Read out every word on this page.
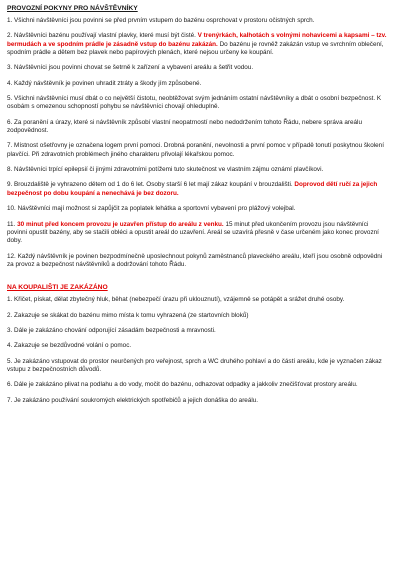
PROVOZNÍ POKYNY PRO NÁVŠTĚVNÍKY

1. Všichni návštěvníci jsou povinni se před prvním vstupem do bazénu osprchovat v prostoru očistných sprch.

2. Návštěvníci bazénu používají vlastní plavky, které musí být čisté. V trenýrkách, kalhotách s volnými nohavicemi a kapsami – tzv. bermudách a ve spodním prádle je zásadně vstup do bazénu zakázán. Do bazénu je rovněž zakázán vstup ve svrchním oblečení, spodním prádle a dětem bez plavek nebo papírových plenách, které nejsou určeny ke koupání.

3. Návštěvníci jsou povinni chovat se šetrně k zařízení a vybavení areálu a šetřit vodou.

4. Každý návštěvník je povinen uhradit ztráty a škody jím způsobené.

5. Všichni návštěvníci musí dbát o co největší čistotu, neobtěžovat svým jednáním ostatní návštěvníky a dbát o osobní bezpečnost. K osobám s omezenou schopností pohybu se návštěvníci chovají ohleduplně.

6. Za poranění a úrazy, které si návštěvník způsobí vlastní neopatrností nebo nedodržením tohoto Řádu, nebere správa areálu zodpovědnost.

7. Místnost ošetřovny je označena logem první pomoci. Drobná poranění, nevolnosti a první pomoc v případě tonutí poskytnou školení plavčíci. Při zdravotních problémech jiného charakteru přivolají lékařskou pomoc.

8. Návštěvníci trpící epilepsií či jinými zdravotními potížemi tuto skutečnost ve vlastním zájmu oznámí plavčíkovi.

9. Brouzdaliště je vyhrazeno dětem od 1 do 6 let. Osoby starší 6 let mají zákaz koupání v brouzdališti. Doprovod dětí ručí za jejich bezpečnost po dobu koupání a nenechává je bez dozoru.

10. Návštěvníci mají možnost si zapůjčit za poplatek lehátka a sportovní vybavení pro plážový volejbal.

11. 30 minut před koncem provozu je uzavřen přístup do areálu z venku. 15 minut před ukončením provozu jsou návštěvníci povinni opustit bazény, aby se stačili obléci a opustit areál do uzavření. Areál se uzavírá přesně v čase určeném jako konec provozní doby.

12. Každý návštěvník je povinen bezpodmínečně uposlechnout pokynů zaměstnanců plaveckého areálu, kteří jsou osobně odpovědni za provoz a bezpečnost návštěvníků a dodržování tohoto Řádu.

NA KOUPALIŠTI JE ZAKÁZÁNO

1. Křičet, pískat, dělat zbytečný hluk, běhat (nebezpečí úrazu při uklouznutí), vzájemně se potápět a srážet druhé osoby.

2. Zakazuje se skákat do bazénu mimo místa k tomu vyhrazená (ze startovních bloků)

3. Dále je zakázáno chování odporující zásadám bezpečnosti a mravnosti.

4. Zakazuje se bezdůvodné volání o pomoc.

5. Je zakázáno vstupovat do prostor neurčených pro veřejnost, sprch a WC druhého pohlaví a do částí areálu, kde je vyznačen zákaz vstupu z bezpečnostních důvodů.

6. Dále je zakázáno plivat na podlahu a do vody, močit do bazénu, odhazovat odpadky a jakkoliv znečišťovat prostory areálu.

7. Je zakázáno používání soukromých elektrických spotřebičů a jejich donáška do areálu.
